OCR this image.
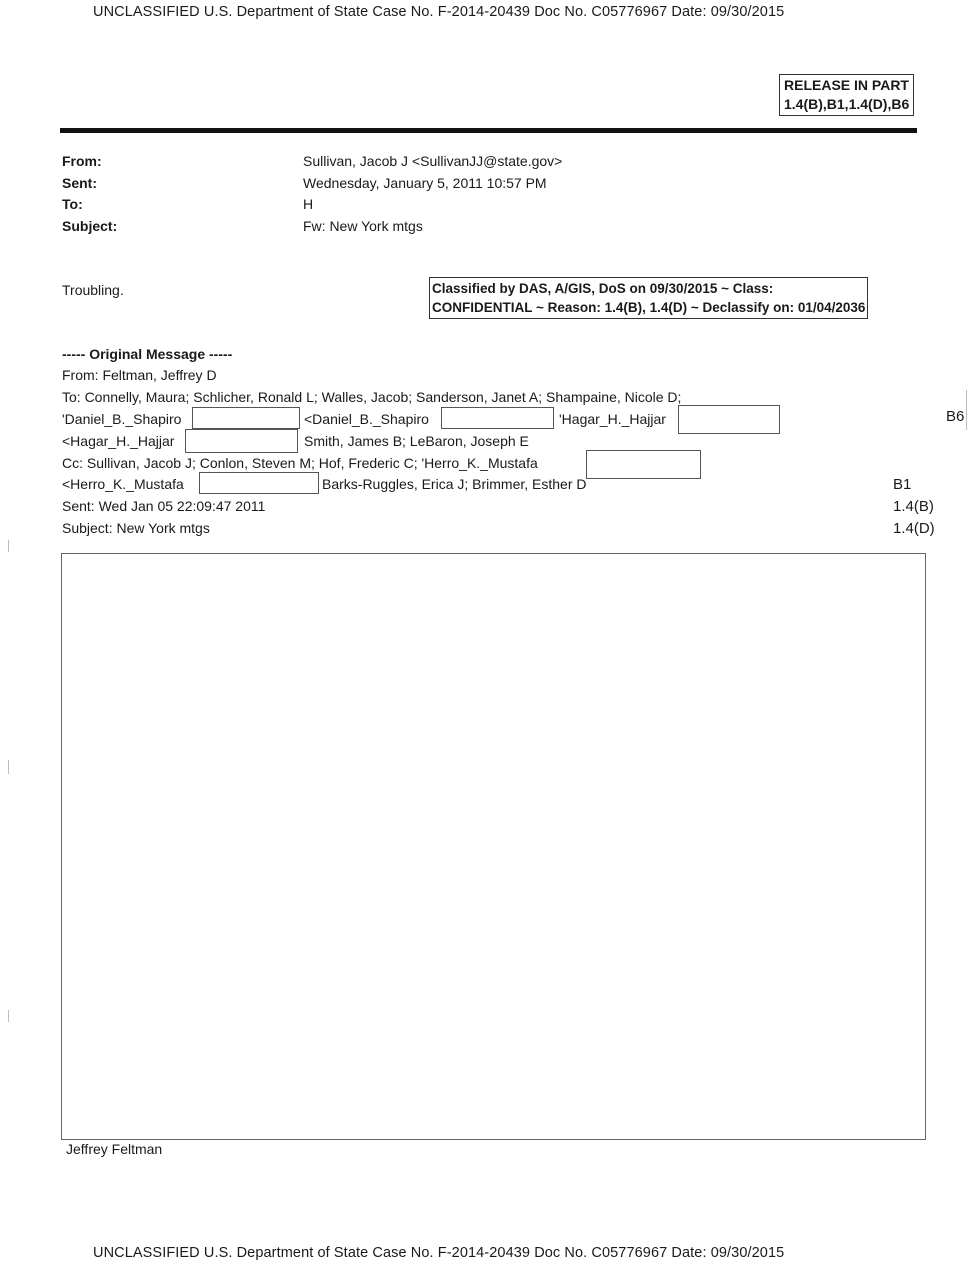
UNCLASSIFIED U.S. Department of State Case No. F-2014-20439 Doc No. C05776967 Date: 09/30/2015
RELEASE IN PART
1.4(B),B1,1.4(D),B6
From:	Sullivan, Jacob J <SullivanJJ@state.gov>
Sent:	Wednesday, January 5, 2011 10:57 PM
To:	H
Subject:	Fw: New York mtgs
Troubling.	Classified by DAS, A/GIS, DoS on 09/30/2015 ~ Class:
CONFIDENTIAL ~ Reason: 1.4(B), 1.4(D) ~ Declassify on: 01/04/2036
----- Original Message -----
From: Feltman, Jeffrey D
To: Connelly, Maura; Schlicher, Ronald L; Walles, Jacob; Sanderson, Janet A; Shampaine, Nicole D;
'Daniel_B._Shapiro	<Daniel_B._Shapiro	'Hagar_H._Hajjar
<Hagar_H._Hajjar	Smith, James B; LeBaron, Joseph E
Cc: Sullivan, Jacob J; Conlon, Steven M; Hof, Frederic C; 'Herro_K._Mustafa
<Herro_K._Mustafa	Barks-Ruggles, Erica J; Brimmer, Esther D
Sent: Wed Jan 05 22:09:47 2011
Subject: New York mtgs
B6
B1
1.4(B)
1.4(D)
Jeffrey Feltman
UNCLASSIFIED U.S. Department of State Case No. F-2014-20439 Doc No. C05776967 Date: 09/30/2015
